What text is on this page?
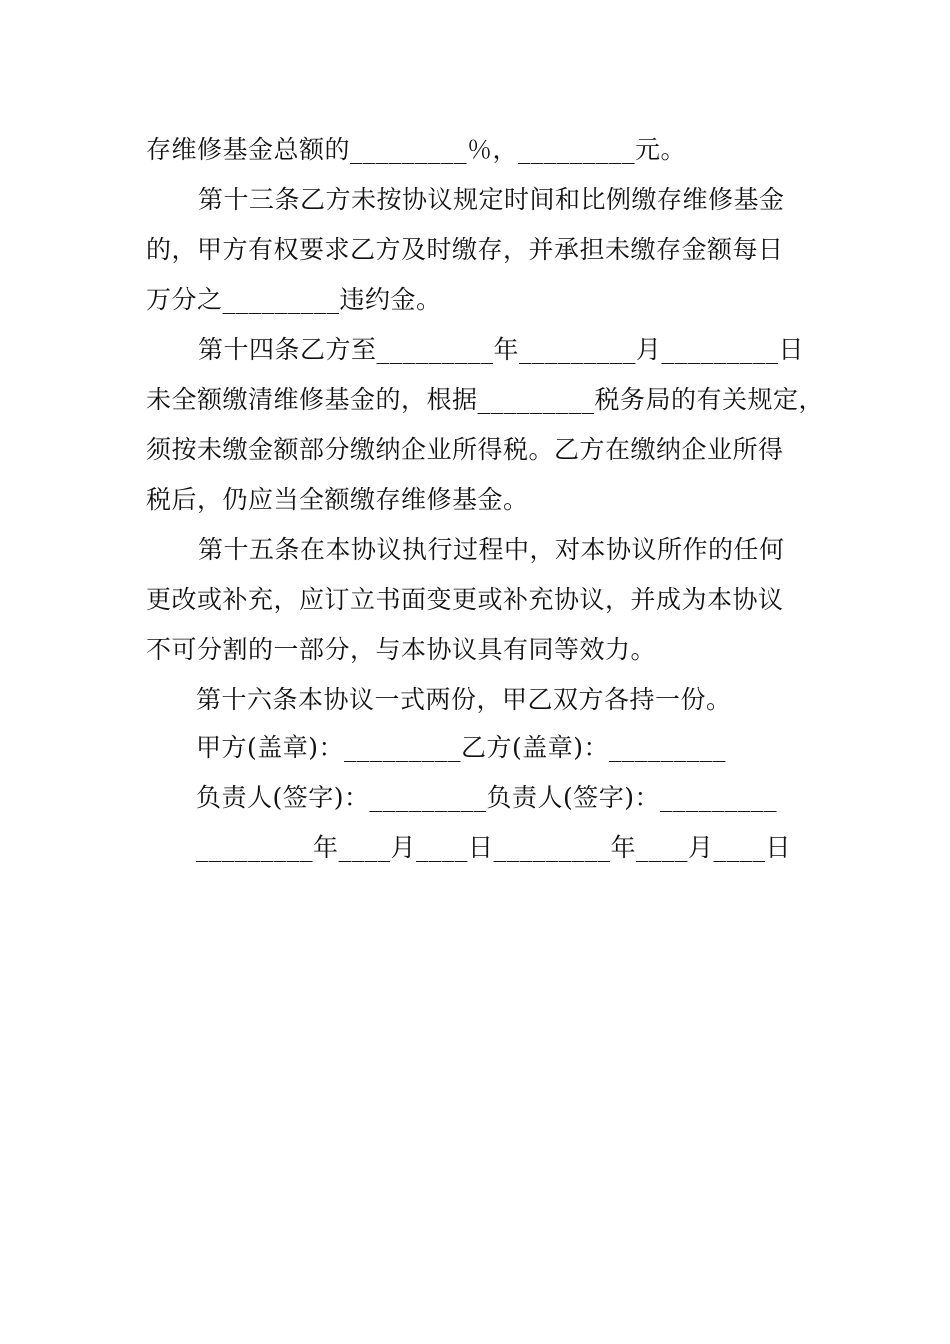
存维修基金总额的_________％，_________元。
第十三条乙方未按协议规定时间和比例缴存维修基金
的，甲方有权要求乙方及时缴存，并承担未缴存金额每日
万分之_________违约金。
第十四条乙方至_________年_________月_________日
未全额缴清维修基金的，根据_________税务局的有关规定，
须按未缴金额部分缴纳企业所得税。乙方在缴纳企业所得
税后，仍应当全额缴存维修基金。
第十五条在本协议执行过程中，对本协议所作的任何
更改或补充，应订立书面变更或补充协议，并成为本协议
不可分割的一部分，与本协议具有同等效力。
第十六条本协议一式两份，甲乙双方各持一份。
甲方(盖章)：_________乙方(盖章)：_________
负责人(签字)：_________负责人(签字)：_________
_________年____月____日_________年____月____日
